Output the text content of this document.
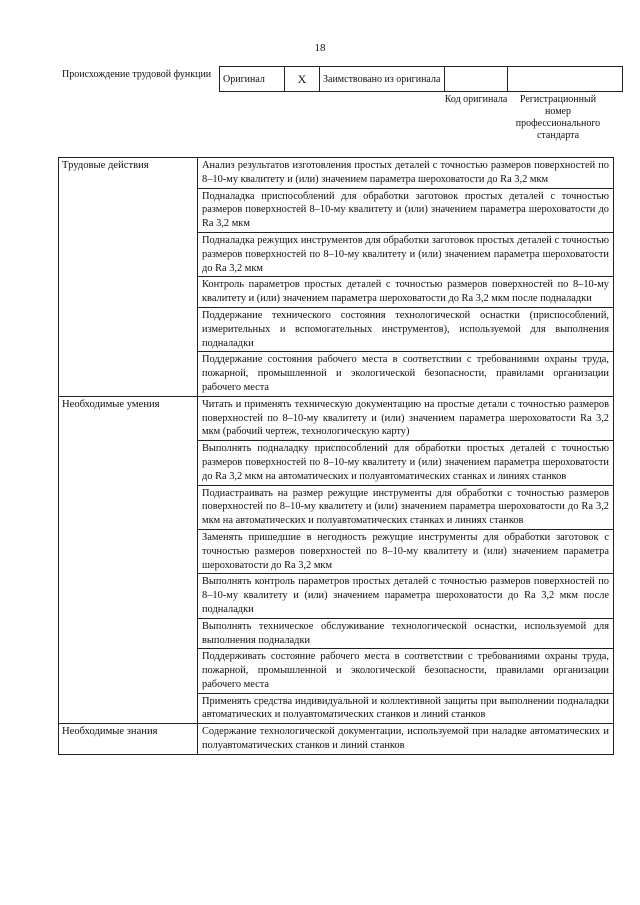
18
Происхождение трудовой функции Оригинал	X	Заимствовано из оригинала		
Код оригинала	Регистрационный номер профессионального стандарта
Трудовые действия	Анализ результатов изготовления простых деталей с точностью размеров поверхностей по 8–10-му квалитету и (или) значением параметра шероховатости до Ra 3,2 мкм
	Подналадка приспособлений для обработки заготовок простых деталей с точностью размеров поверхностей 8–10-му квалитету и (или) значением параметра шероховатости до Ra 3,2 мкм
	Подналадка режущих инструментов для обработки заготовок простых деталей с точностью размеров поверхностей по 8–10-му квалитету и (или) значением параметра шероховатости до Ra 3,2 мкм
	Контроль параметров простых деталей с точностью размеров поверхностей по 8–10-му квалитету и (или) значением параметра шероховатости до Ra 3,2 мкм после подналадки
	Поддержание технического состояния технологической оснастки (приспособлений, измерительных и вспомогательных инструментов), используемой для выполнения подналадки
	Поддержание состояния рабочего места в соответствии с требованиями охраны труда, пожарной, промышленной и экологической безопасности, правилами организации рабочего места
Необходимые умения	Читать и применять техническую документацию на простые детали с точностью размеров поверхностей по 8–10-му квалитету и (или) значением параметра шероховатости Ra 3,2 мкм (рабочий чертеж, технологическую карту)
	Выполнять подналадку приспособлений для обработки простых деталей с точностью размеров поверхностей по 8–10-му квалитету и (или) значением параметра шероховатости до Ra 3,2 мкм на автоматических и полуавтоматических станках и линиях станков
	Подиастраивать на размер режущие инструменты для обработки с точностью размеров поверхностей по 8–10-му квалитету и (или) значением параметра шероховатости до Ra 3,2 мкм на автоматических и полуавтоматических станках и линиях станков
	Заменять пришедшие в негодность режущие инструменты для обработки заготовок с точностью размеров поверхностей по 8–10-му квалитету и (или) значением параметра шероховатости до Ra 3,2 мкм
	Выполнять контроль параметров простых деталей с точностью размеров поверхностей по 8–10-му квалитету и (или) значением параметра шероховатости до Ra 3,2 мкм после подналадки
	Выполнять техническое обслуживание технологической оснастки, используемой для выполнения подналадки
	Поддерживать состояние рабочего места в соответствии с требованиями охраны труда, пожарной, промышленной и экологической безопасности, правилами организации рабочего места
	Применять средства индивидуальной и коллективной защиты при выполнении подналадки автоматических и полуавтоматических станков и линий станков
Необходимые знания	Содержание технологической документации, используемой при наладке автоматических и полуавтоматических станков и линий станков
